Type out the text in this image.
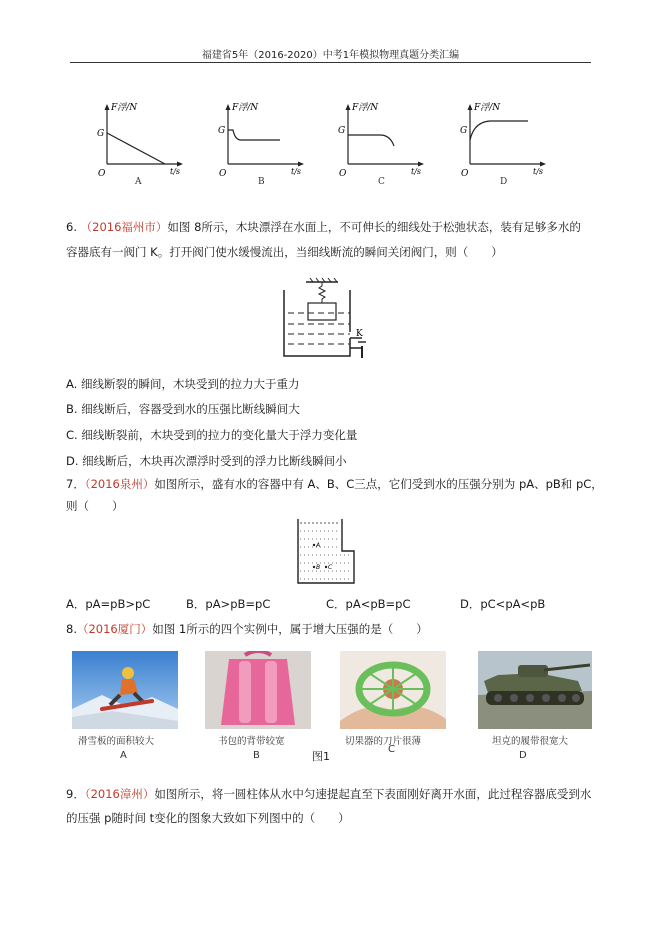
福建省5年（2016-2020）中考1年模拟物理真题分类汇编
F浮/N
G
O	t/s
A
F浮/N
G
O	t/s
B
F浮/N
G
O	t/s
C
F浮/N
G
O	t/s
D
6. （2016福州市）如图 8所示，木块漂浮在水面上，不可伸长的细线处于松弛状态，装有足够多水的
容器底有一阀门 K。打开阀门使水缓慢流出，当细线断流的瞬间关闭阀门，则（　　）
K
A. 细线断裂的瞬间，木块受到的拉力大于重力
B. 细线断后，容器受到水的压强比断线瞬间大
C. 细线断裂前，木块受到的拉力的变化量大于浮力变化量
D. 细线断后，木块再次漂浮时受到的浮力比断线瞬间小
7．（2016泉州）如图所示，盛有水的容器中有 A、B、C三点，它们受到水的压强分别为 pA、pB和 pC，
则（　　）
A
B C
A．pA=pB>pC	B．pA>pB=pC	C．pA<pB=pC	D．pC<pA<pB
8.（2016厦门）如图 1所示的四个实例中，属于增大压强的是（　　）
滑雪板的面积较大
A
书包的背带较宽
B
切果器的刀片很薄
C
坦克的履带很宽大
D
图1
9．（2016漳州）如图所示，将一圆柱体从水中匀速提起直至下表面刚好离开水面，此过程容器底受到水
的压强 p随时间 t变化的图象大致如下列图中的（　　）
